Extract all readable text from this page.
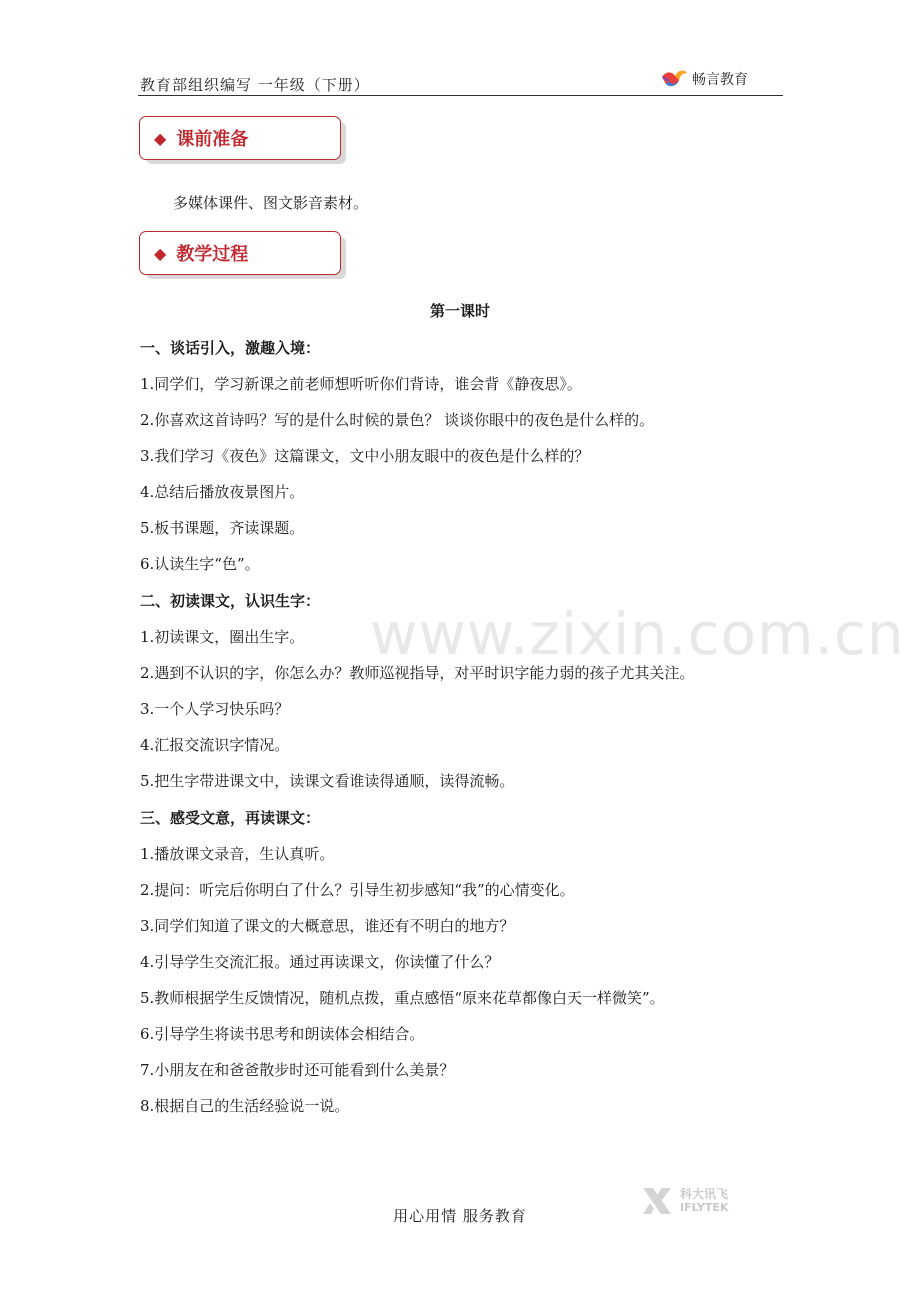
教育部组织编写 一年级（下册）	畅言教育
◆ 课前准备
多媒体课件、图文影音素材。
◆ 教学过程
第一课时
一、谈话引入，激趣入境：
1.同学们，学习新课之前老师想听听你们背诗，谁会背《静夜思》。
2.你喜欢这首诗吗？写的是什么时候的景色？ 谈谈你眼中的夜色是什么样的。
3.我们学习《夜色》这篇课文，文中小朋友眼中的夜色是什么样的？
4.总结后播放夜景图片。
5.板书课题，齐读课题。
6.认读生字“色”。
二、初读课文，认识生字：
1.初读课文，圈出生字。
2.遇到不认识的字，你怎么办？教师巡视指导，对平时识字能力弱的孩子尤其关注。
3.一个人学习快乐吗？
4.汇报交流识字情况。
5.把生字带进课文中，读课文看谁读得通顺，读得流畅。
三、感受文意，再读课文：
1.播放课文录音，生认真听。
2.提问：听完后你明白了什么？引导生初步感知“我”的心情变化。
3.同学们知道了课文的大概意思，谁还有不明白的地方？
4.引导学生交流汇报。通过再读课文，你读懂了什么？
5.教师根据学生反馈情况，随机点拨，重点感悟“原来花草都像白天一样微笑”。
6.引导学生将读书思考和朗读体会相结合。
7.小朋友在和爸爸散步时还可能看到什么美景？
8.根据自己的生活经验说一说。
www.zixin.com.cn
用心用情 服务教育
科大讯飞
IFLYTEK
